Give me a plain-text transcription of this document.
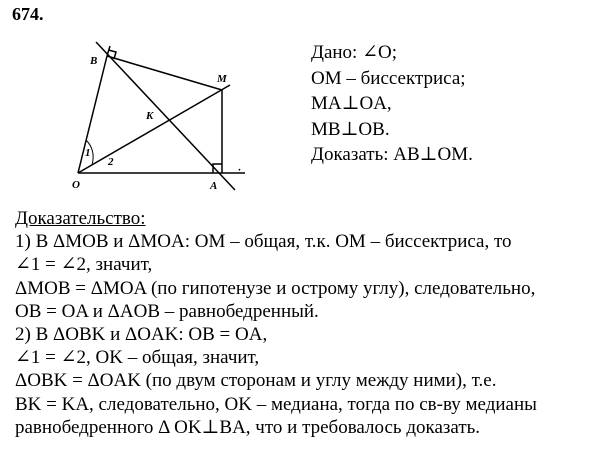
674.
·
B
M
K
O	A
1
2
Дано: ∠O;
OM – биссектриса;
MA⊥OA,
MB⊥OB.
Доказать: AB⊥OM.
Доказательство:
1) В ΔMOB и ΔMOA: OM – общая, т.к. OM – биссектриса, то
∠1 = ∠2, значит,
ΔMOB = ΔMOA (по гипотенузе и острому углу), следовательно,
OB = OA и ΔAOB – равнобедренный.
2) В ΔOBK и ΔOAK: OB = OA,
∠1 = ∠2, OK – общая, значит,
ΔOBK = ΔOAK (по двум сторонам и углу между ними), т.е.
BK = KA, следовательно, OK – медиана, тогда по св-ву медианы
равнобедренного Δ OK⊥BA, что и требовалось доказать.
